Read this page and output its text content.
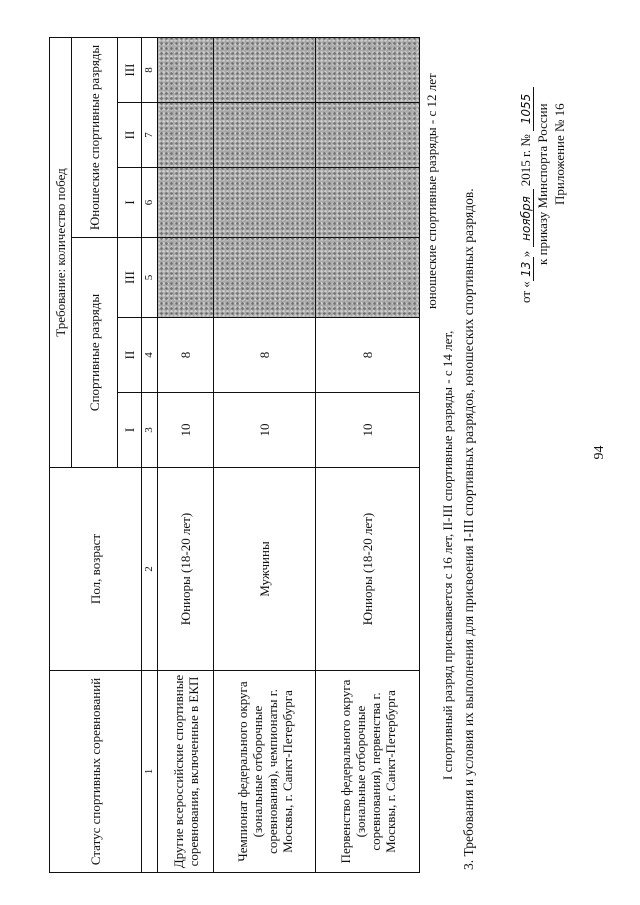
94
Приложение № 16
к приказу Минспорта России
от «13» ноября 2015 г. № 1055
3. Требования и условия их выполнения для присвоения I-III спортивных разрядов, юношеских спортивных разрядов.
I спортивный разряд присваивается с 16 лет, II-III спортивные разряды - с 14 лет,
юношеские спортивные разряды - с 12 лет
Статус спортивных соревнований	Пол, возраст	Требование: количество побед					
		Спортивные разряды			Юношеские спортивные разряды		
		I	II	III	I	II	III
1	2	3	4	5	6	7	8
Другие всероссийские спортивные соревнования, включенные в ЕКП	Юниоры (18-20 лет)	10	8				
Чемпионат федерального округа (зональные отборочные соревнования), чемпионаты г. Москвы, г. Санкт-Петербурга	Мужчины	10	8				
Первенство федерального округа (зональные отборочные соревнования), первенства г. Москвы, г. Санкт-Петербурга	Юниоры (18-20 лет)	10	8				
